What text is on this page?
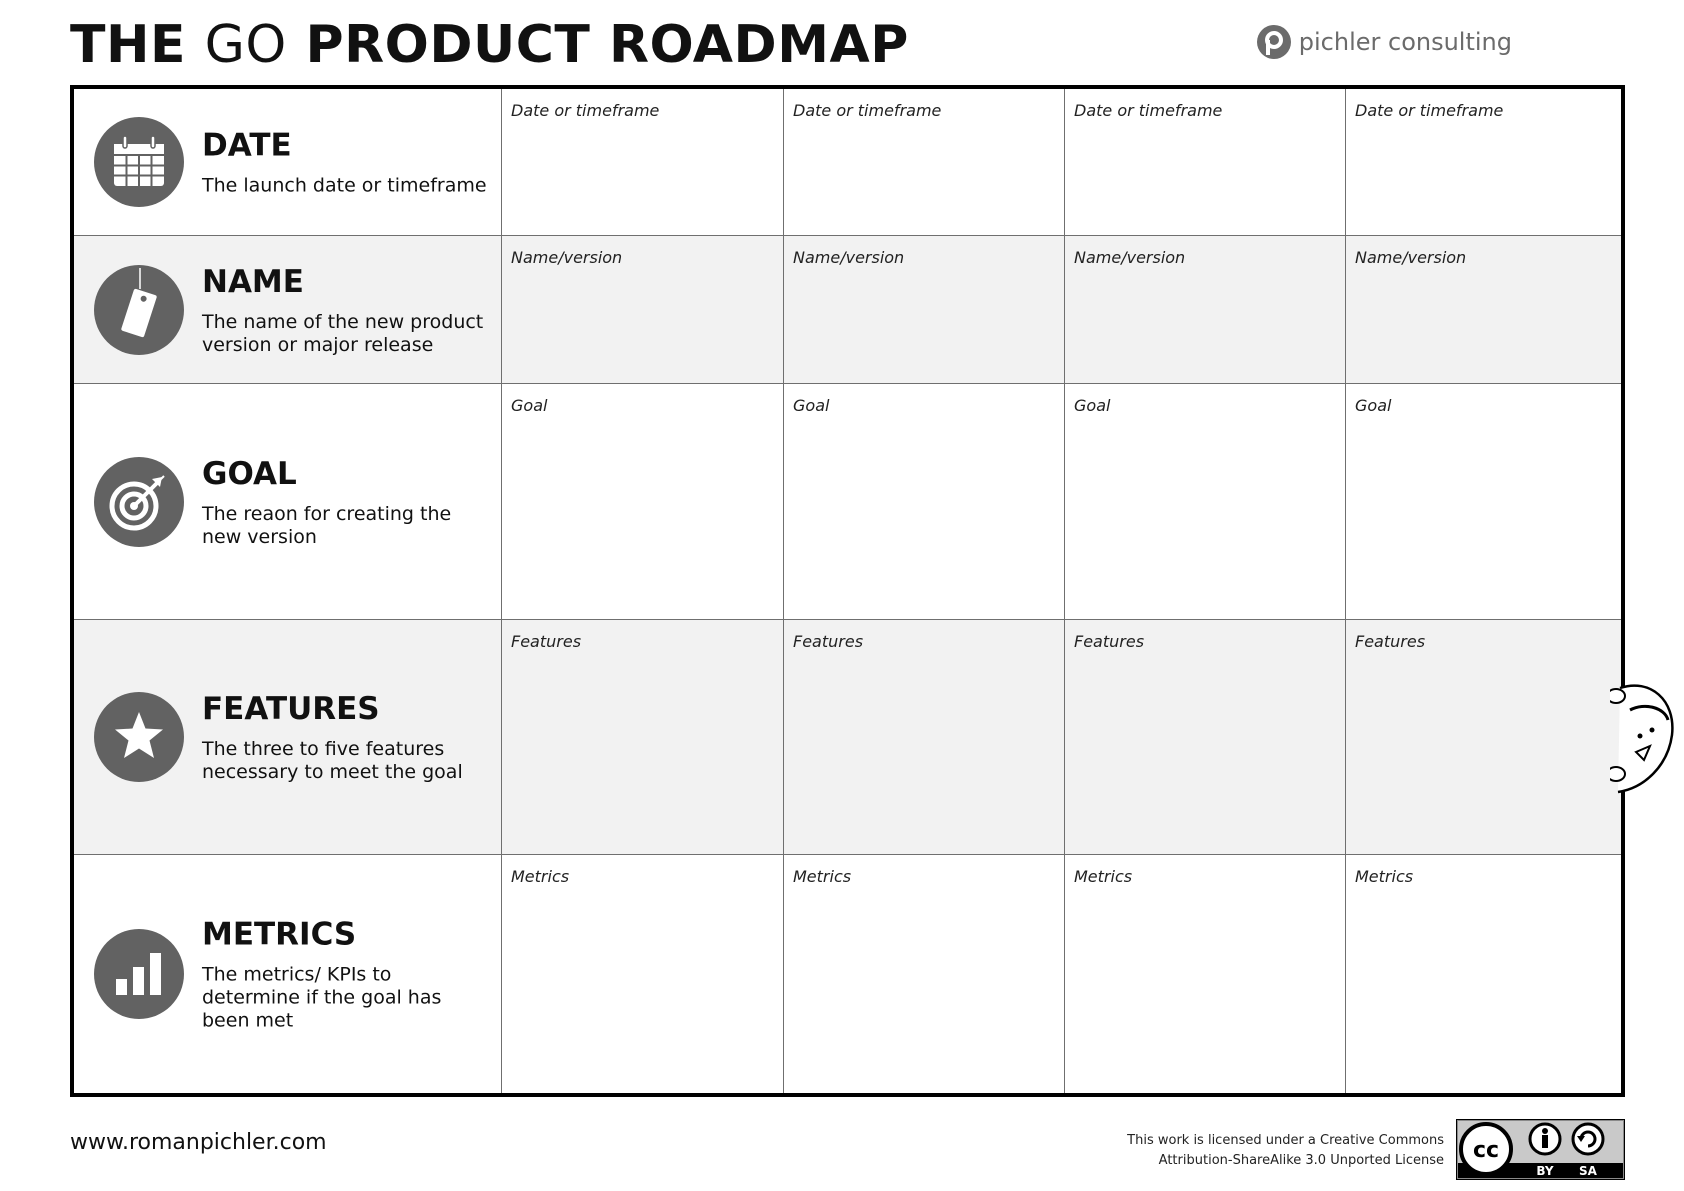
THE GO PRODUCT ROADMAP	pichler consulting
DATE
The launch date or timeframe
Date or timeframe	Date or timeframe	Date or timeframe	Date or timeframe
NAME
The name of the new product version or major release
Name/version	Name/version	Name/version	Name/version
GOAL
The reaon for creating the new version
Goal	Goal	Goal	Goal
FEATURES
The three to five features necessary to meet the goal
Features	Features	Features	Features
METRICS
The metrics/ KPIs to determine if the goal has been met
Metrics	Metrics	Metrics	Metrics
www.romanpichler.com	This work is licensed under a Creative Commons
Attribution-ShareAlike 3.0 Unported License cc
BY SA
